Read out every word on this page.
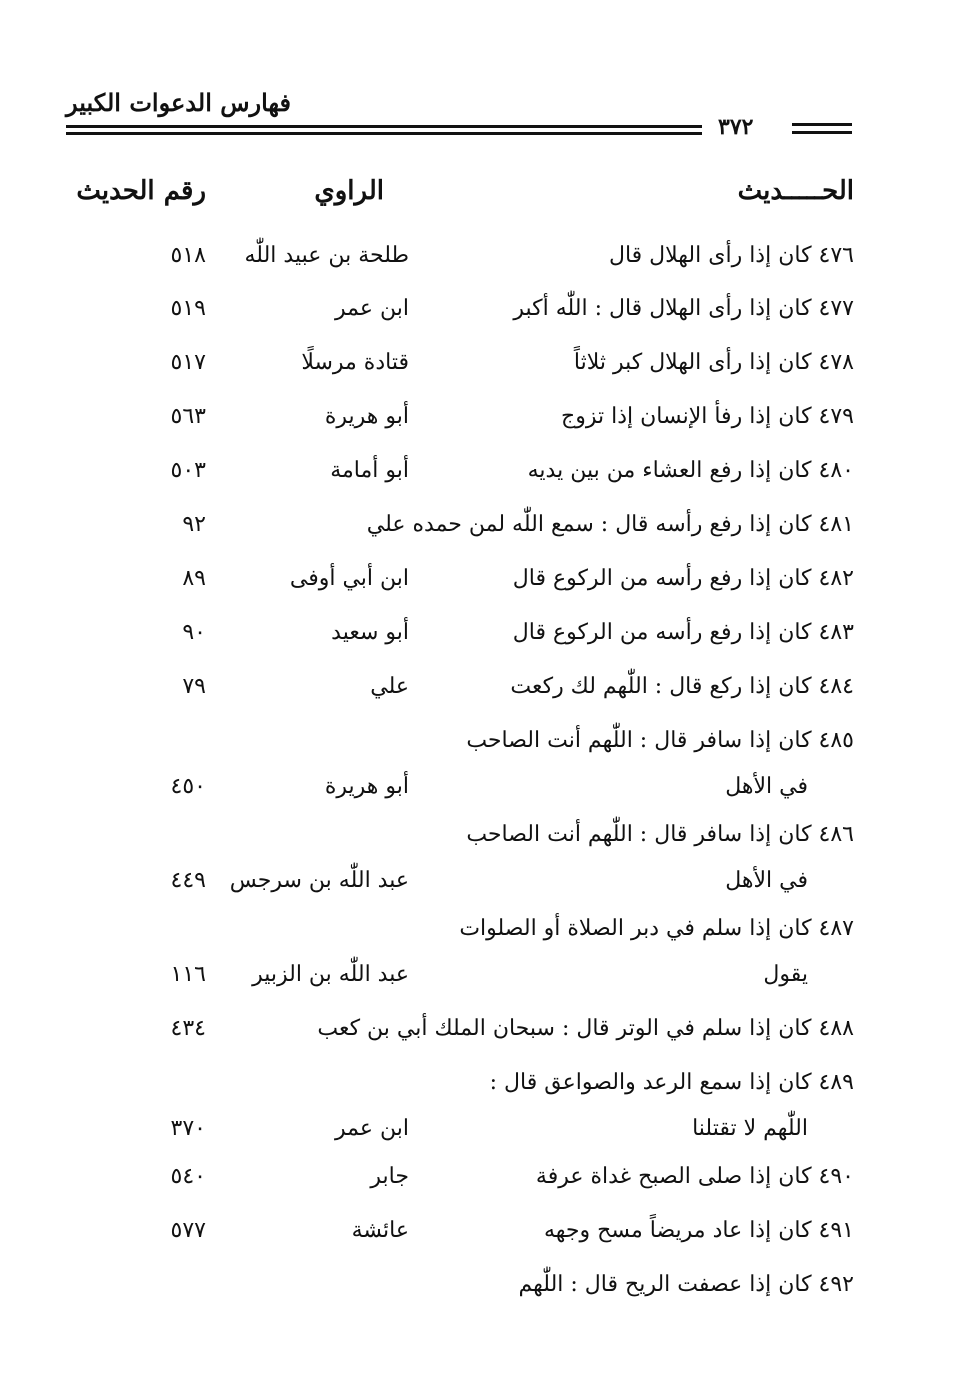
فهارس الدعوات الكبير
٣٧٢
الحـــــديث
الراوي
رقم الحديث
٤٧٦ كان إذا رأى الهلال قال
طلحة بن عبيد اللّٰه
٥١٨
٤٧٧ كان إذا رأى الهلال قال : اللّٰه أكبر
ابن عمر
٥١٩
٤٧٨ كان إذا رأى الهلال كبر ثلاثاً
قتادة مرسلًا
٥١٧
٤٧٩ كان إذا رفأ الإنسان إذا تزوج
أبو هريرة
٥٦٣
٤٨٠ كان إذا رفع العشاء من بين يديه
أبو أمامة
٥٠٣
٤٨١ كان إذا رفع رأسه قال : سمع اللّٰه لمن حمده علي
٩٢
٤٨٢ كان إذا رفع رأسه من الركوع قال
ابن أبي أوفى
٨٩
٤٨٣ كان إذا رفع رأسه من الركوع قال
أبو سعيد
٩٠
٤٨٤ كان إذا ركع قال : اللّٰهم لك ركعت
علي
٧٩
٤٨٥ كان إذا سافر قال : اللّٰهم أنت الصاحب
في الأهل
أبو هريرة
٤٥٠
٤٨٦ كان إذا سافر قال : اللّٰهم أنت الصاحب
في الأهل
عبد اللّٰه بن سرجس
٤٤٩
٤٨٧ كان إذا سلم في دبر الصلاة أو الصلوات
يقول
عبد اللّٰه بن الزبير
١١٦
٤٨٨ كان إذا سلم في الوتر قال : سبحان الملك أبي بن كعب
٤٣٤
٤٨٩ كان إذا سمع الرعد والصواعق قال :
اللّٰهم لا تقتلنا
ابن عمر
٣٧٠
٤٩٠ كان إذا صلى الصبح غداة عرفة
جابر
٥٤٠
٤٩١ كان إذا عاد مريضاً مسح وجهه
عائشة
٥٧٧
٤٩٢ كان إذا عصفت الريح قال : اللّٰهم
